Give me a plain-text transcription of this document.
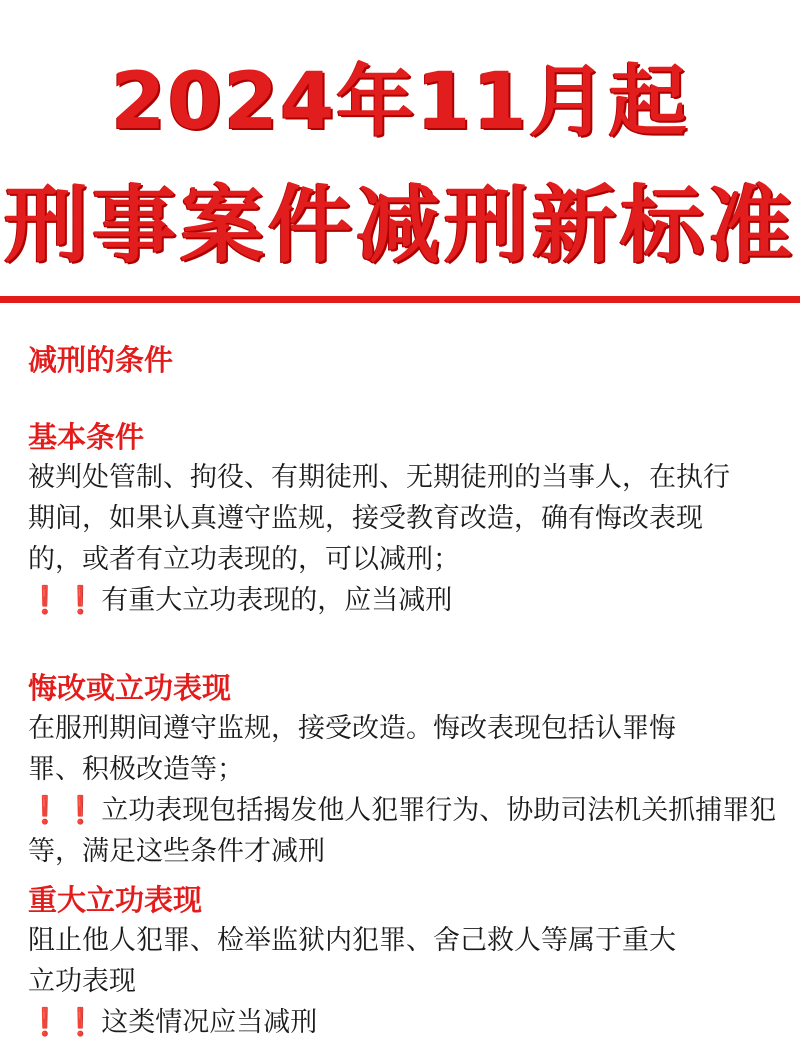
2024年11月起
刑事案件减刑新标准
减刑的条件
基本条件

被判处管制、拘役、有期徒刑、无期徒刑的当事人，在执行

期间，如果认真遵守监规，接受教育改造，确有悔改表现

的，或者有立功表现的，可以减刑；

❗❗有重大立功表现的，应当减刑

悔改或立功表现

在服刑期间遵守监规，接受改造。悔改表现包括认罪悔

罪、积极改造等；

❗❗立功表现包括揭发他人犯罪行为、协助司法机关抓捕罪犯

等，满足这些条件才减刑

重大立功表现

阻止他人犯罪、检举监狱内犯罪、舍己救人等属于重大

立功表现

❗❗这类情况应当减刑
